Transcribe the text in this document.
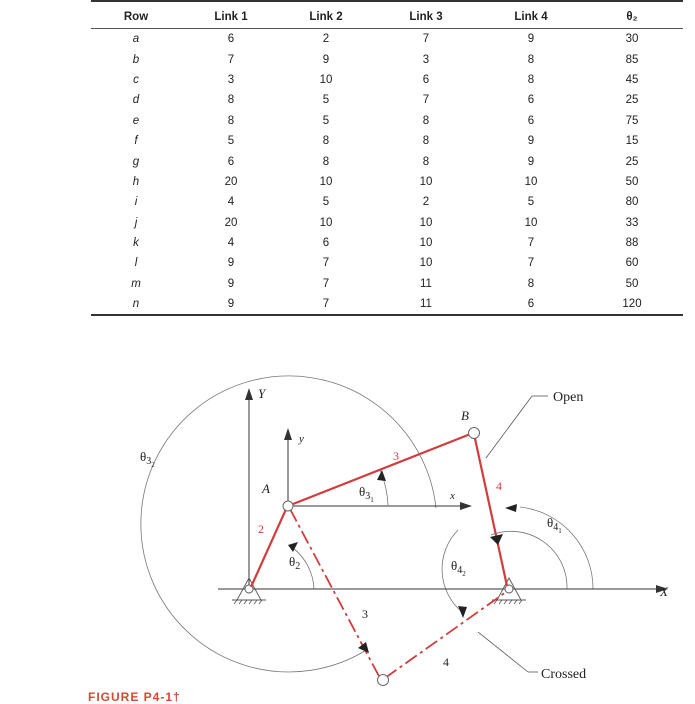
Row	Link 1	Link 2	Link 3	Link 4	θ₂
a	6	2	7	9	30
b	7	9	3	8	85
c	3	10	6	8	45
d	8	5	7	6	25
e	8	5	8	6	75
f	5	8	8	9	15
g	6	8	8	9	25
h	20	10	10	10	50
i	4	5	2	5	80
j	20	10	10	10	33
k	4	6	10	7	88
l	9	7	10	7	60
m	9	7	11	8	50
n	9	7	11	6	120
Y
X
y
x
A
B
$\theta_{32}$
$\theta_{31}$
$\theta_2$
$\theta_{41}$
$\theta_{42}$
2
3
4
3
4
Open
Crossed
FIGURE P4-1†
